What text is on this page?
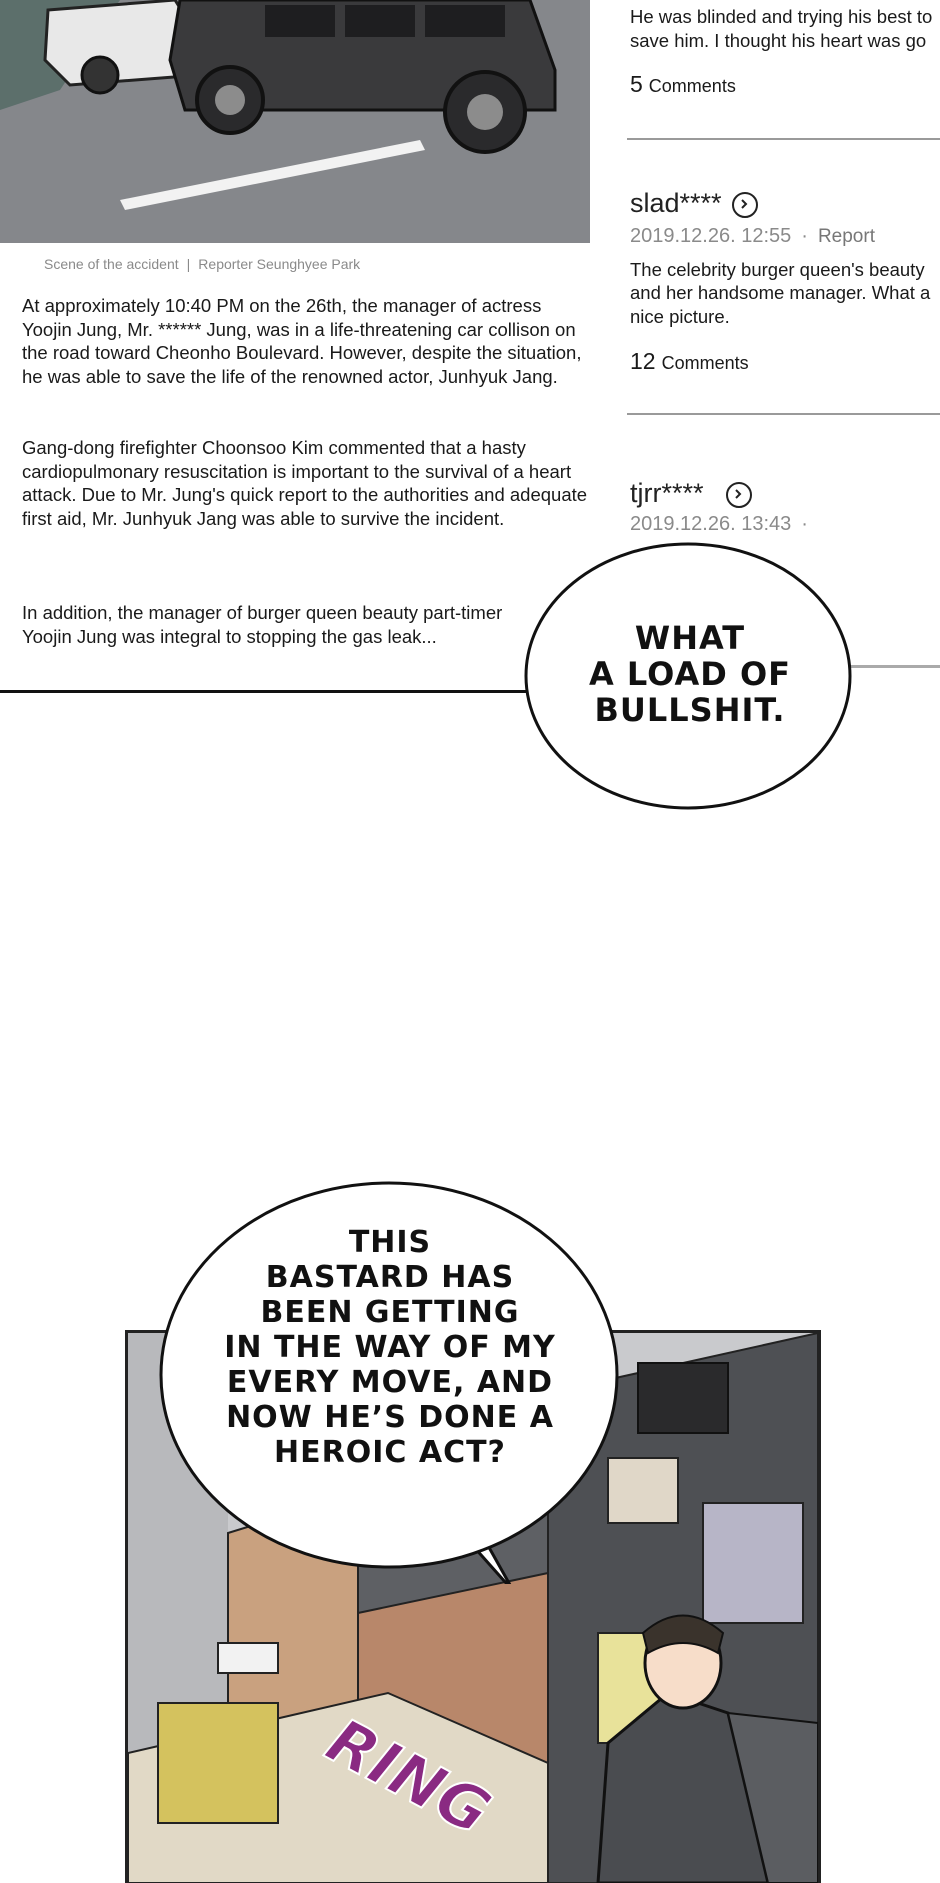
Scene of the accident | Reporter Seunghyee Park

At approximately 10:40 PM on the 26th, the manager of actress Yoojin Jung, Mr. ****** Jung, was in a life-threatening car collison on the road toward Cheonho Boulevard. However, despite the situation, he was able to save the life of the renowned actor, Junhyuk Jang.

Gang-dong firefighter Choonsoo Kim commented that a hasty cardiopulmonary resuscitation is important to the survival of a heart attack. Due to Mr. Jung's quick report to the authorities and adequate first aid, Mr. Junhyuk Jang was able to survive the incident.

In addition, the manager of burger queen beauty part-timer Yoojin Jung was integral to stopping the gas leak...

He was blinded and trying his best to
save him. I thought his heart was go
5 Comments
slad****
2019.12.26. 12:55 · Report
The celebrity burger queen's beauty
and her handsome manager. What a
nice picture.
12 Comments
tjrr****
2019.12.26. 13:43 ·
WHAT
A LOAD OF
BULLSHIT.
RING
THIS
BASTARD HAS
BEEN GETTING
IN THE WAY OF MY
EVERY MOVE, AND
NOW HE’S DONE A
HEROIC ACT?
